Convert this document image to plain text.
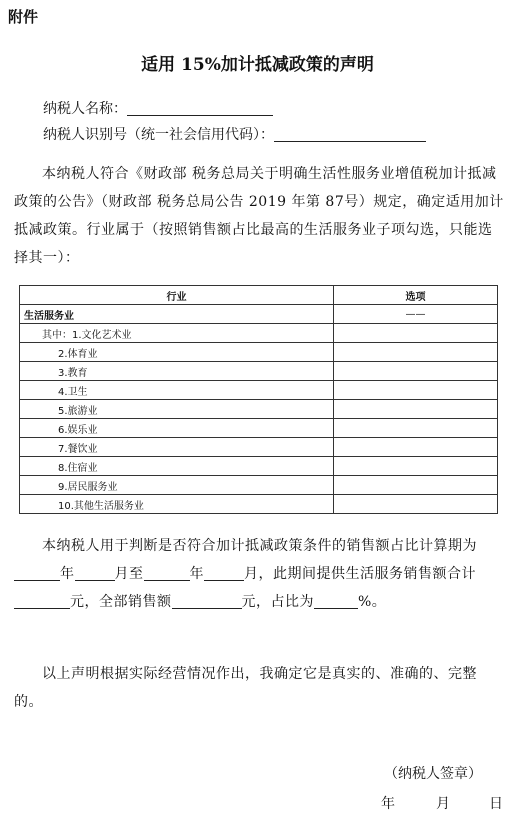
附件
适用 15%加计抵减政策的声明
纳税人名称：
纳税人识别号（统一社会信用代码）：

本纳税人符合《财政部 税务总局关于明确生活性服务业增值税加计抵减政策的公告》（财政部 税务总局公告 2019 年第 87号）规定，确定适用加计抵减政策。行业属于（按照销售额占比最高的生活服务业子项勾选，只能选择其一）：

行业	选项
生活服务业	——
其中：1.文化艺术业	
2.体育业	
3.教育	
4.卫生	
5.旅游业	
6.娱乐业	
7.餐饮业	
8.住宿业	
9.居民服务业	
10.其他生活服务业	

本纳税人用于判断是否符合加计抵减政策条件的销售额占比计算期为年	月至	年	月，此期间提供生活服务销售额合计元，全部销售额	元，占比为	%。

以上声明根据实际经营情况作出，我确定它是真实的、准确的、完整的。

（纳税人签章）
年	月	日
